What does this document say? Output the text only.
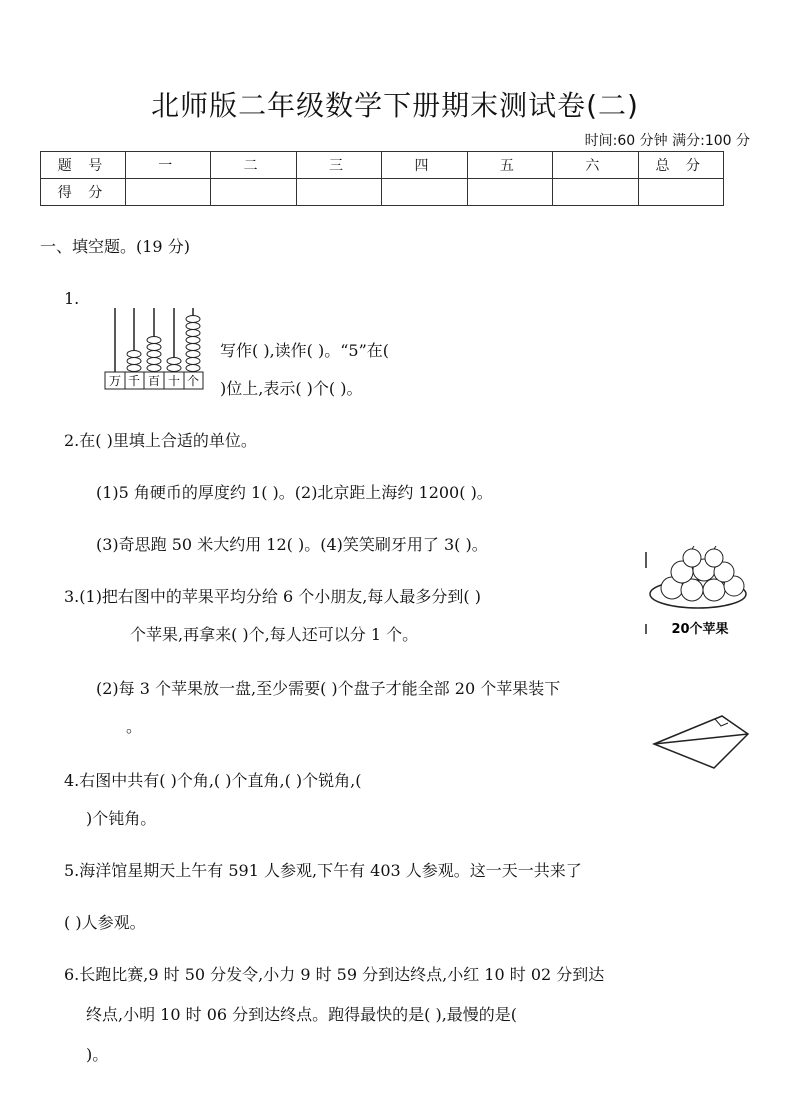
北师版二年级数学下册期末测试卷(二)
时间:60 分钟 满分:100 分
题 号	一	二	三	四	五	六	总 分
得 分							
一、填空题。(19 分)
1.
万 千 百 十 个
写作( ),读作( )。“5”在(
)位上,表示( )个( )。
2.在( )里填上合适的单位。
(1)5 角硬币的厚度约 1( )。(2)北京距上海约 1200( )。
(3)奇思跑 50 米大约用 12( )。(4)笑笑刷牙用了 3( )。
3.(1)把右图中的苹果平均分给 6 个小朋友,每人最多分到( )
个苹果,再拿来( )个,每人还可以分 1 个。
(2)每 3 个苹果放一盘,至少需要( )个盘子才能全部 20 个苹果装下
。
20个苹果
4.右图中共有( )个角,( )个直角,( )个锐角,(
)个钝角。
5.海洋馆星期天上午有 591 人参观,下午有 403 人参观。这一天一共来了
( )人参观。
6.长跑比赛,9 时 50 分发令,小力 9 时 59 分到达终点,小红 10 时 02 分到达
终点,小明 10 时 06 分到达终点。跑得最快的是( ),最慢的是(
)。
